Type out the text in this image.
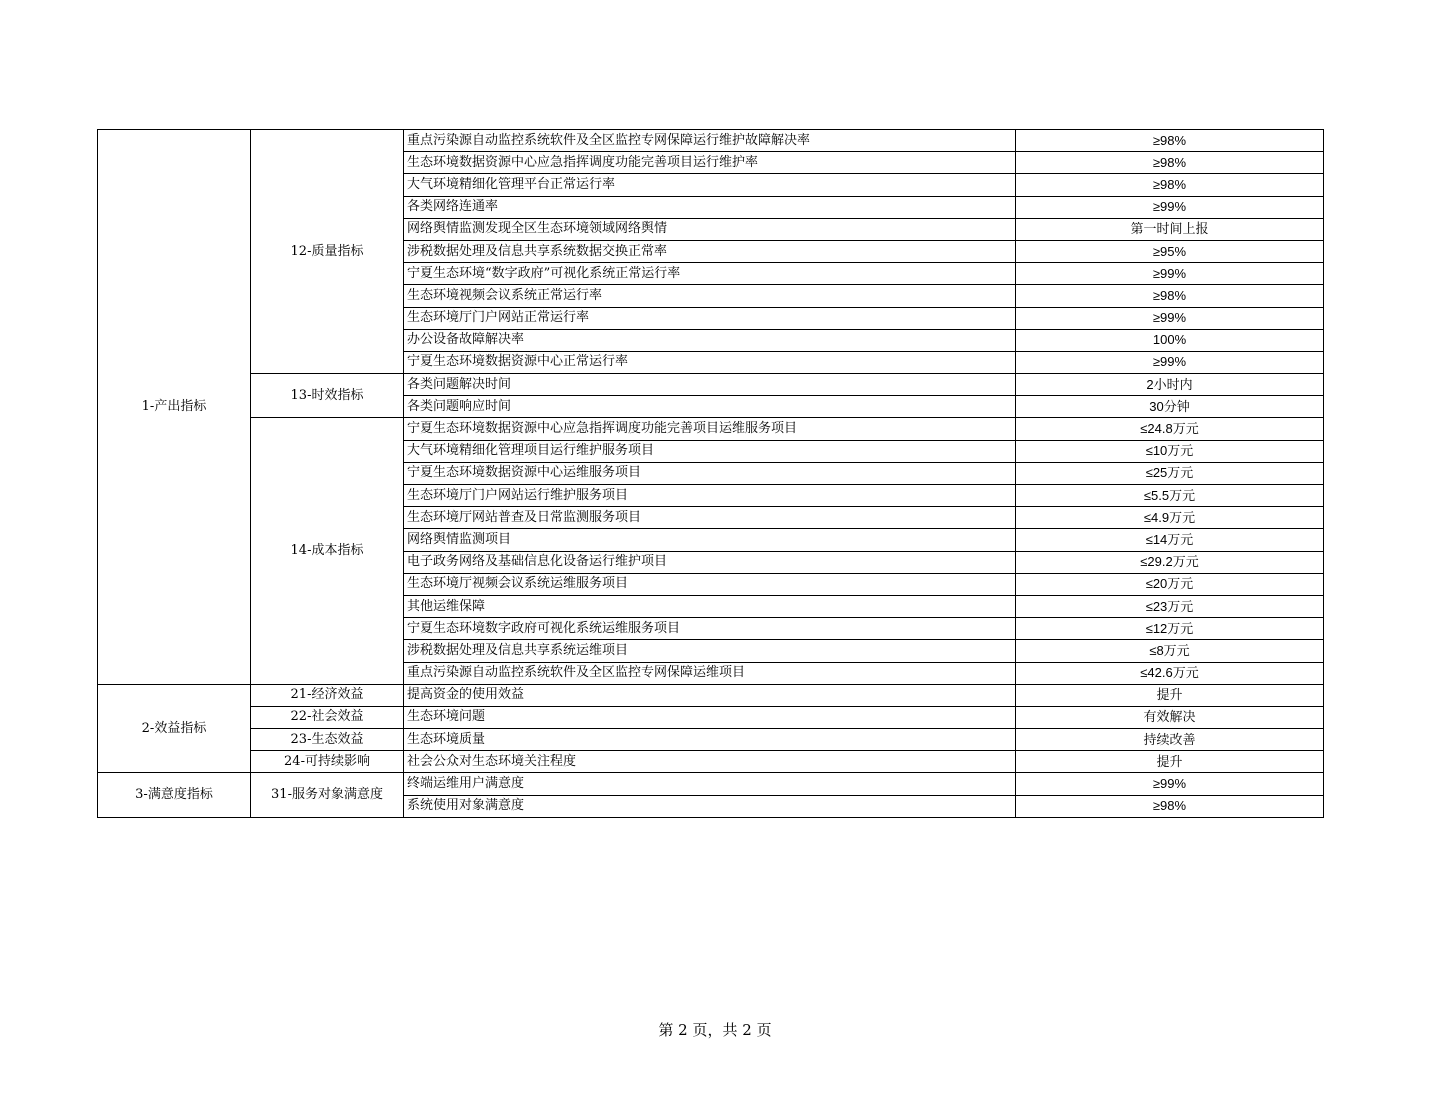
1-产出指标	12-质量指标	重点污染源自动监控系统软件及全区监控专网保障运行维护故障解决率	≥98%
		生态环境数据资源中心应急指挥调度功能完善项目运行维护率	≥98%
		大气环境精细化管理平台正常运行率	≥98%
		各类网络连通率	≥99%
		网络舆情监测发现全区生态环境领域网络舆情	第一时间上报
		涉税数据处理及信息共享系统数据交换正常率	≥95%
		宁夏生态环境“数字政府”可视化系统正常运行率	≥99%
		生态环境视频会议系统正常运行率	≥98%
		生态环境厅门户网站正常运行率	≥99%
		办公设备故障解决率	100%
		宁夏生态环境数据资源中心正常运行率	≥99%
	13-时效指标	各类问题解决时间	2小时内
		各类问题响应时间	30分钟
	14-成本指标	宁夏生态环境数据资源中心应急指挥调度功能完善项目运维服务项目	≤24.8万元
		大气环境精细化管理项目运行维护服务项目	≤10万元
		宁夏生态环境数据资源中心运维服务项目	≤25万元
		生态环境厅门户网站运行维护服务项目	≤5.5万元
		生态环境厅网站普查及日常监测服务项目	≤4.9万元
		网络舆情监测项目	≤14万元
		电子政务网络及基础信息化设备运行维护项目	≤29.2万元
		生态环境厅视频会议系统运维服务项目	≤20万元
		其他运维保障	≤23万元
		宁夏生态环境数字政府可视化系统运维服务项目	≤12万元
		涉税数据处理及信息共享系统运维项目	≤8万元
		重点污染源自动监控系统软件及全区监控专网保障运维项目	≤42.6万元
2-效益指标	21-经济效益	提高资金的使用效益	提升
	22-社会效益	生态环境问题	有效解决
	23-生态效益	生态环境质量	持续改善
	24-可持续影响	社会公众对生态环境关注程度	提升
3-满意度指标	31-服务对象满意度	终端运维用户满意度	≥99%
		系统使用对象满意度	≥98%
第 2 页，共 2 页
